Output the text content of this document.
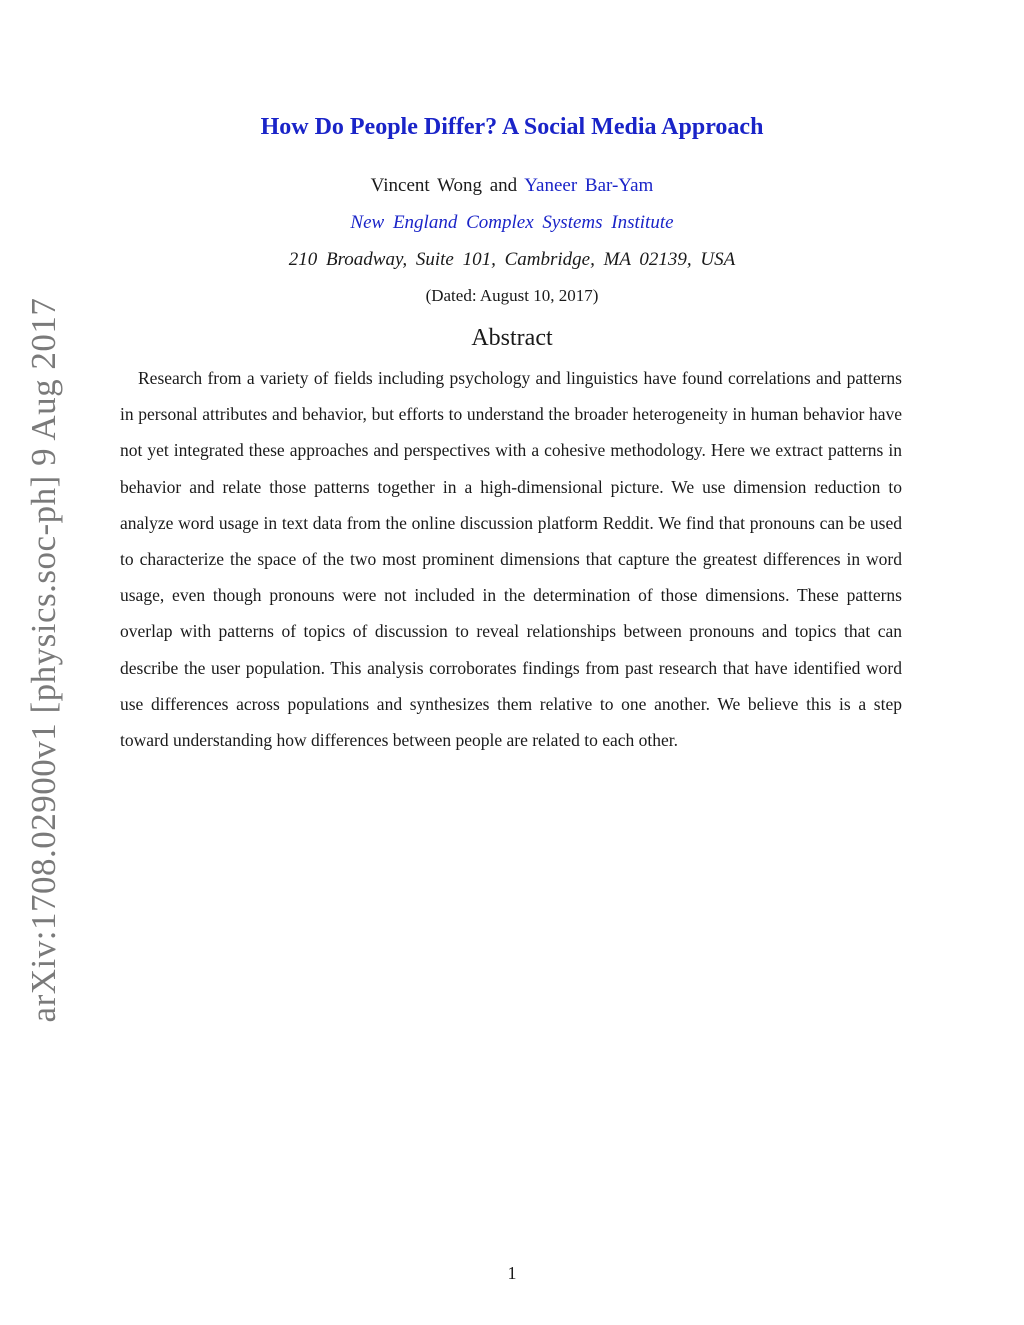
arXiv:1708.02900v1 [physics.soc-ph] 9 Aug 2017
How Do People Differ? A Social Media Approach

Vincent Wong and Yaneer Bar-Yam

New England Complex Systems Institute

210 Broadway, Suite 101, Cambridge, MA 02139, USA

(Dated: August 10, 2017)

Abstract

Research from a variety of fields including psychology and linguistics have found correlations and patterns in personal attributes and behavior, but efforts to understand the broader heterogeneity in human behavior have not yet integrated these approaches and perspectives with a cohesive methodology. Here we extract patterns in behavior and relate those patterns together in a high-dimensional picture. We use dimension reduction to analyze word usage in text data from the online discussion platform Reddit. We find that pronouns can be used to characterize the space of the two most prominent dimensions that capture the greatest differences in word usage, even though pronouns were not included in the determination of those dimensions. These patterns overlap with patterns of topics of discussion to reveal relationships between pronouns and topics that can describe the user population. This analysis corroborates findings from past research that have identified word use differences across populations and synthesizes them relative to one another. We believe this is a step toward understanding how differences between people are related to each other.

1
